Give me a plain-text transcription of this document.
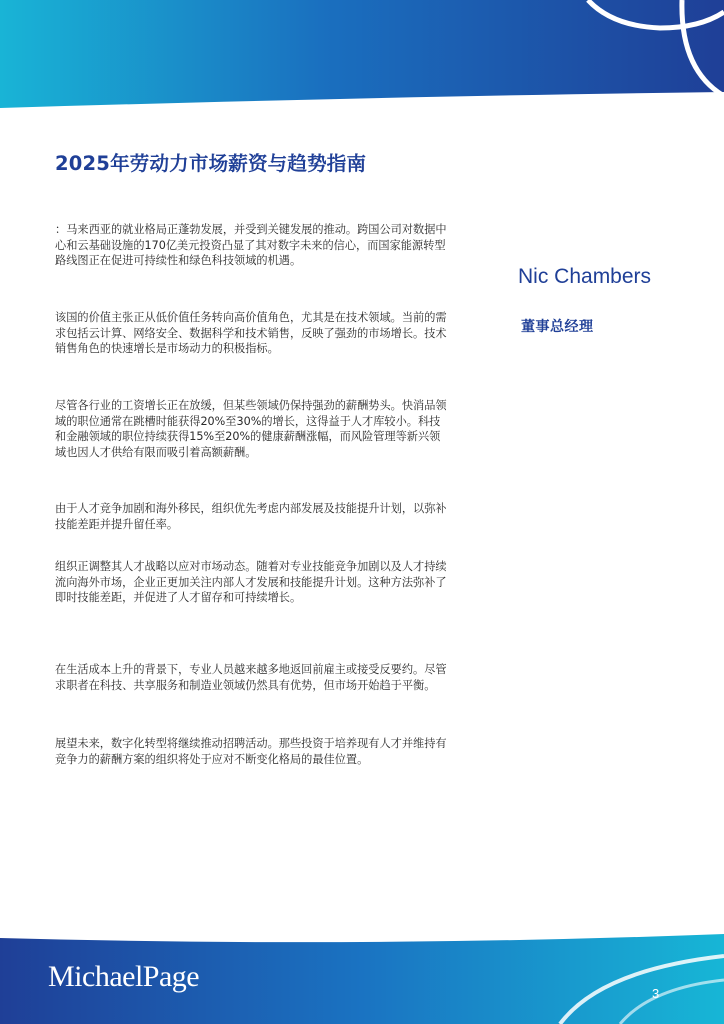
2025年劳动力市场薪资与趋势指南

：马来西亚的就业格局正蓬勃发展，并受到关键发展的推动。跨国公司对数据中心和云基础设施的170亿美元投资凸显了其对数字未来的信心，而国家能源转型路线图正在促进可持续性和绿色科技领域的机遇。

该国的价值主张正从低价值任务转向高价值角色，尤其是在技术领域。当前的需求包括云计算、网络安全、数据科学和技术销售，反映了强劲的市场增长。技术销售角色的快速增长是市场动力的积极指标。

尽管各行业的工资增长正在放缓，但某些领域仍保持强劲的薪酬势头。快消品领域的职位通常在跳槽时能获得20%至30%的增长，这得益于人才库较小。科技和金融领域的职位持续获得15%至20%的健康薪酬涨幅，而风险管理等新兴领域也因人才供给有限而吸引着高额薪酬。

由于人才竞争加剧和海外移民，组织优先考虑内部发展及技能提升计划，以弥补技能差距并提升留任率。

组织正调整其人才战略以应对市场动态。随着对专业技能竞争加剧以及人才持续流向海外市场，企业正更加关注内部人才发展和技能提升计划。这种方法弥补了即时技能差距，并促进了人才留存和可持续增长。

在生活成本上升的背景下，专业人员越来越多地返回前雇主或接受反要约。尽管求职者在科技、共享服务和制造业领域仍然具有优势，但市场开始趋于平衡。

展望未来，数字化转型将继续推动招聘活动。那些投资于培养现有人才并维持有竞争力的薪酬方案的组织将处于应对不断变化格局的最佳位置。

Nic Chambers
董事总经理
MichaelPage
3
